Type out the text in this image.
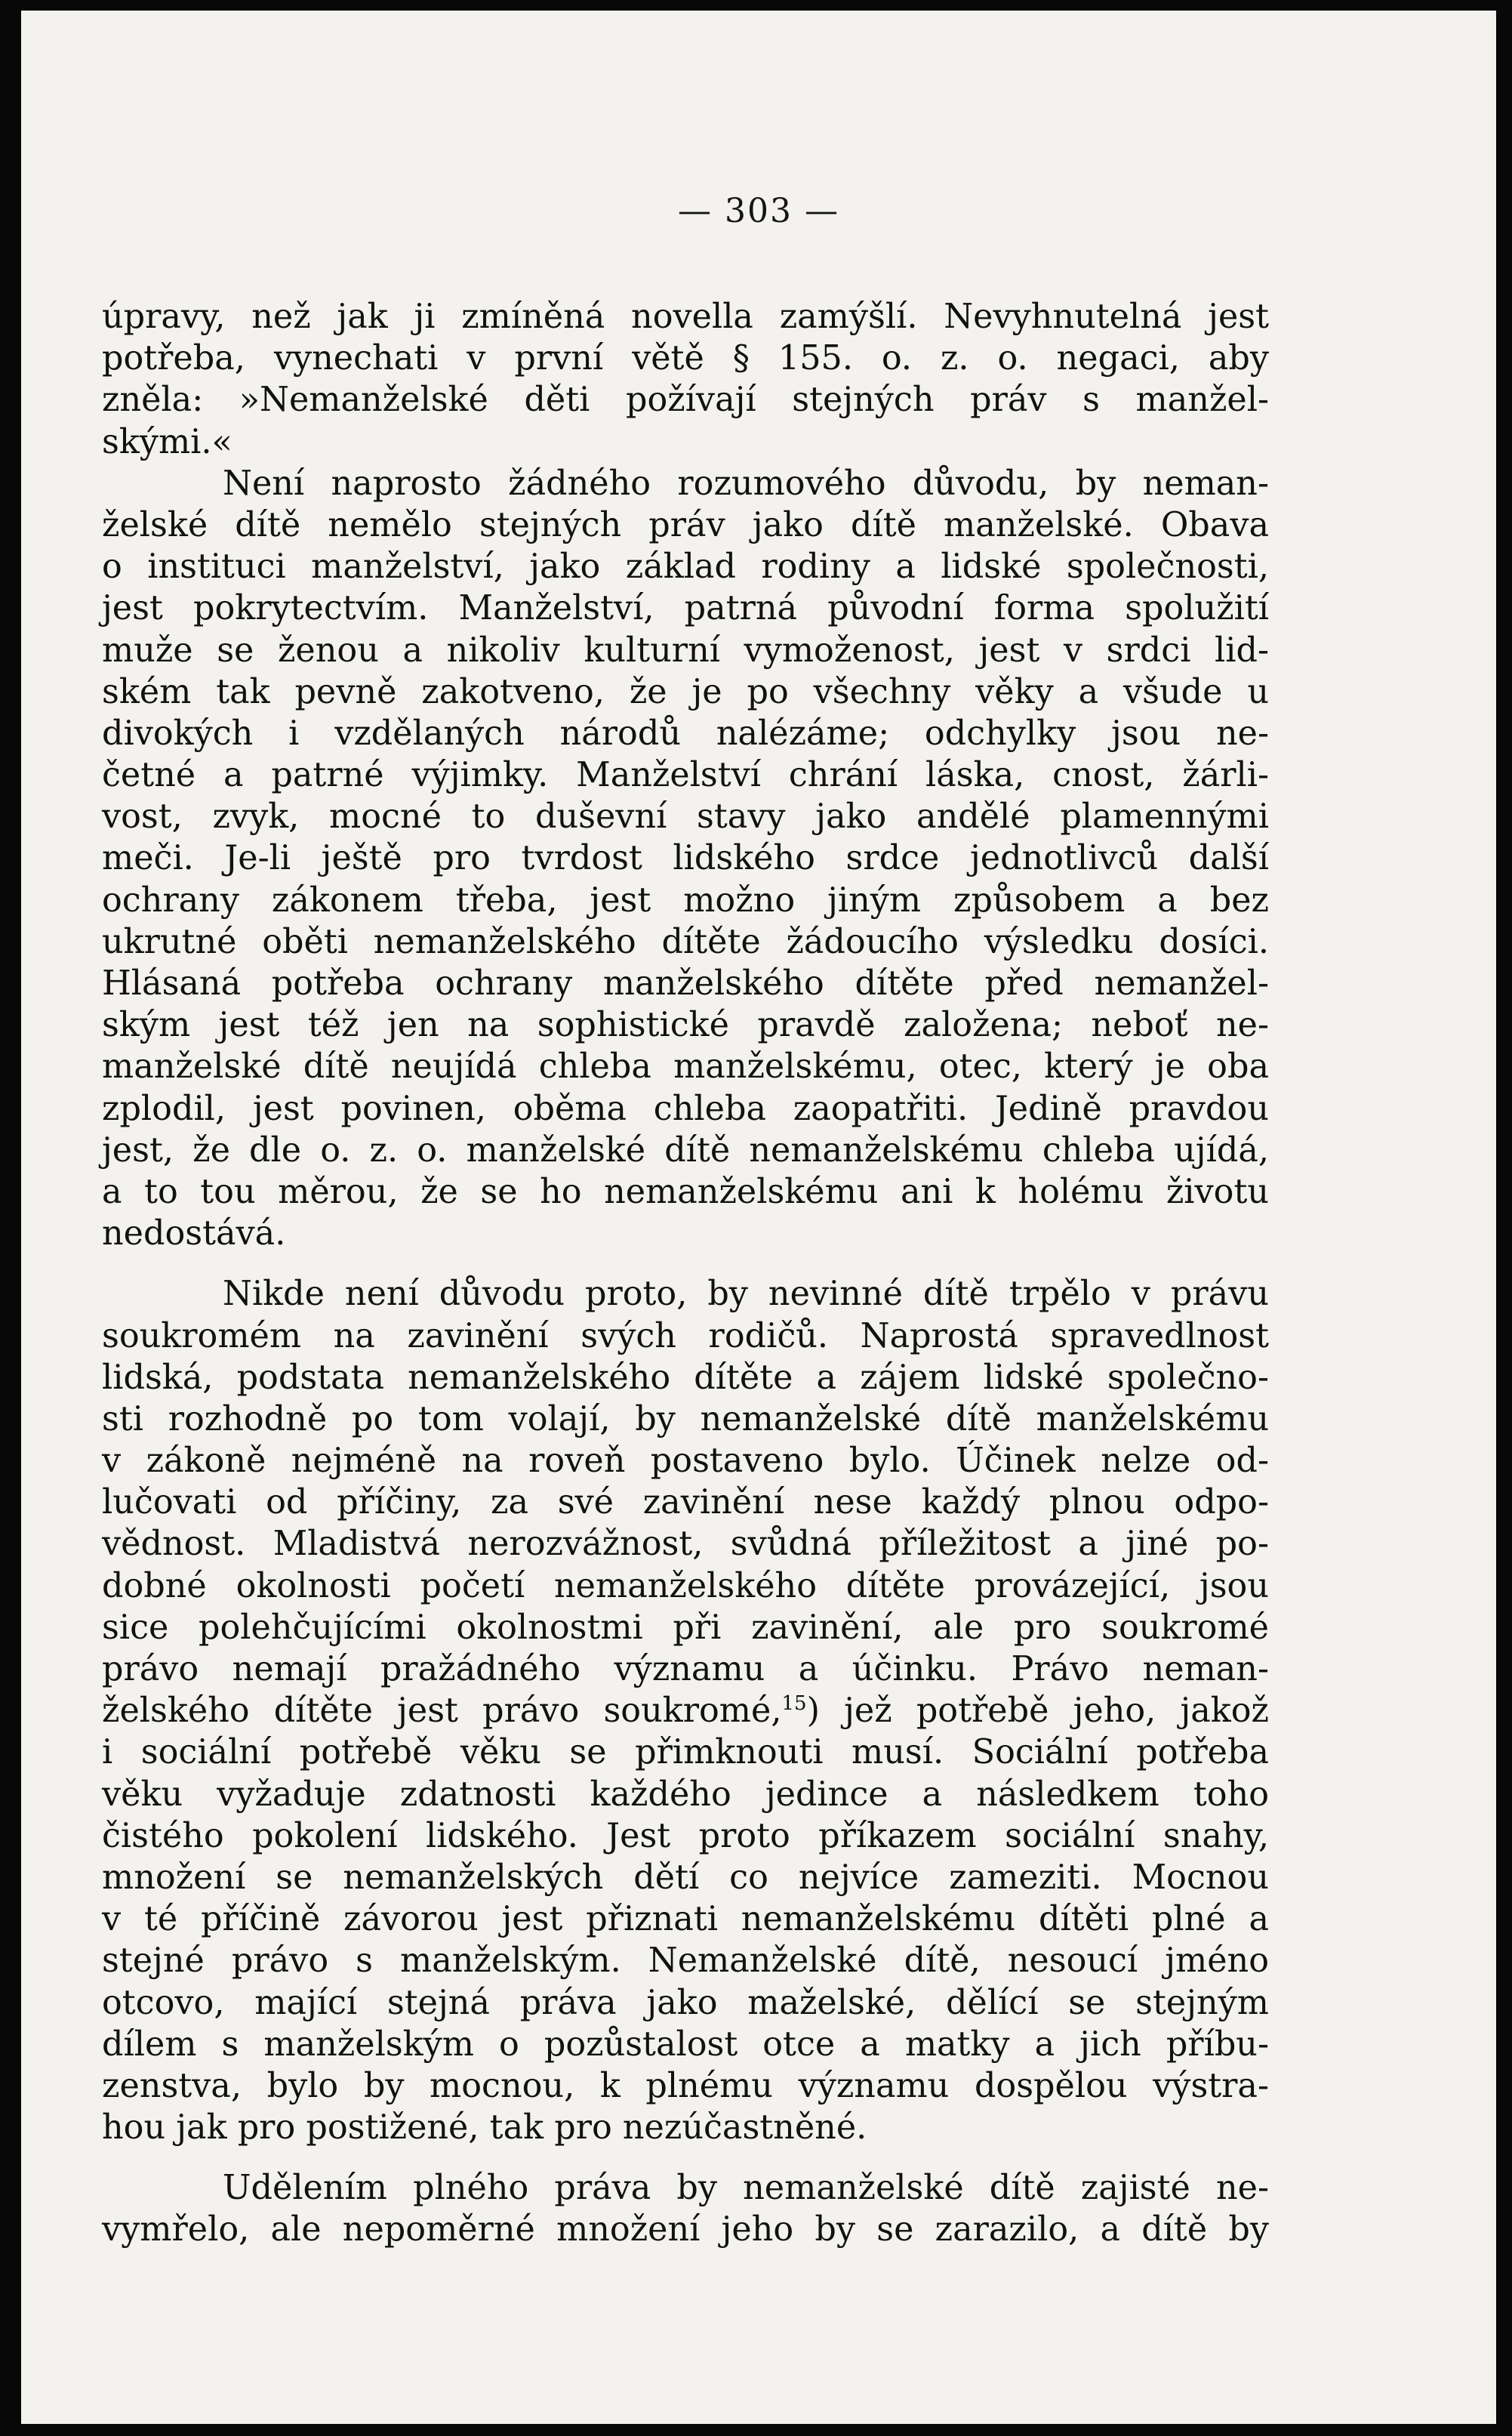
— 303 —
úpravy, než jak ji zmíněná novella zamýšlí. Nevyhnutelná jest
potřeba, vynechati v první větě § 155. o. z. o. negaci, aby
zněla: »Nemanželské děti požívají stejných práv s manžel-
skými.«
Není naprosto žádného rozumového důvodu, by neman-
želské dítě nemělo stejných práv jako dítě manželské. Obava
o instituci manželství, jako základ rodiny a lidské společnosti,
jest pokrytectvím. Manželství, patrná původní forma spolužití
muže se ženou a nikoliv kulturní vymoženost, jest v srdci lid-
ském tak pevně zakotveno, že je po všechny věky a všude u
divokých i vzdělaných národů nalézáme; odchylky jsou ne-
četné a patrné výjimky. Manželství chrání láska, cnost, žárli-
vost, zvyk, mocné to duševní stavy jako andělé plamennými
meči. Je-li ještě pro tvrdost lidského srdce jednotlivců další
ochrany zákonem třeba, jest možno jiným způsobem a bez
ukrutné oběti nemanželského dítěte žádoucího výsledku dosíci.
Hlásaná potřeba ochrany manželského dítěte před nemanžel-
ským jest též jen na sophistické pravdě založena; neboť ne-
manželské dítě neujídá chleba manželskému, otec, který je oba
zplodil, jest povinen, oběma chleba zaopatřiti. Jedině pravdou
jest, že dle o. z. o. manželské dítě nemanželskému chleba ujídá,
a to tou měrou, že se ho nemanželskému ani k holému životu
nedostává.
Nikde není důvodu proto, by nevinné dítě trpělo v právu
soukromém na zavinění svých rodičů. Naprostá spravedlnost
lidská, podstata nemanželského dítěte a zájem lidské společno-
sti rozhodně po tom volají, by nemanželské dítě manželskému
v zákoně nejméně na roveň postaveno bylo. Účinek nelze od-
lučovati od příčiny, za své zavinění nese každý plnou odpo-
vědnost. Mladistvá nerozvážnost, svůdná příležitost a jiné po-
dobné okolnosti početí nemanželského dítěte provázející, jsou
sice polehčujícími okolnostmi při zavinění, ale pro soukromé
právo nemají pražádného významu a účinku. Právo neman-
želského dítěte jest právo soukromé,$^{15}$) jež potřebě jeho, jakož
i sociální potřebě věku se přimknouti musí. Sociální potřeba
věku vyžaduje zdatnosti každého jedince a následkem toho
čistého pokolení lidského. Jest proto příkazem sociální snahy,
množení se nemanželských dětí co nejvíce zameziti. Mocnou
v té příčině závorou jest přiznati nemanželskému dítěti plné a
stejné právo s manželským. Nemanželské dítě, nesoucí jméno
otcovo, mající stejná práva jako maželské, dělící se stejným
dílem s manželským o pozůstalost otce a matky a jich příbu-
zenstva, bylo by mocnou, k plnému významu dospělou výstra-
hou jak pro postižené, tak pro nezúčastněné.
Udělením plného práva by nemanželské dítě zajisté ne-
vymřelo, ale nepoměrné množení jeho by se zarazilo, a dítě by
